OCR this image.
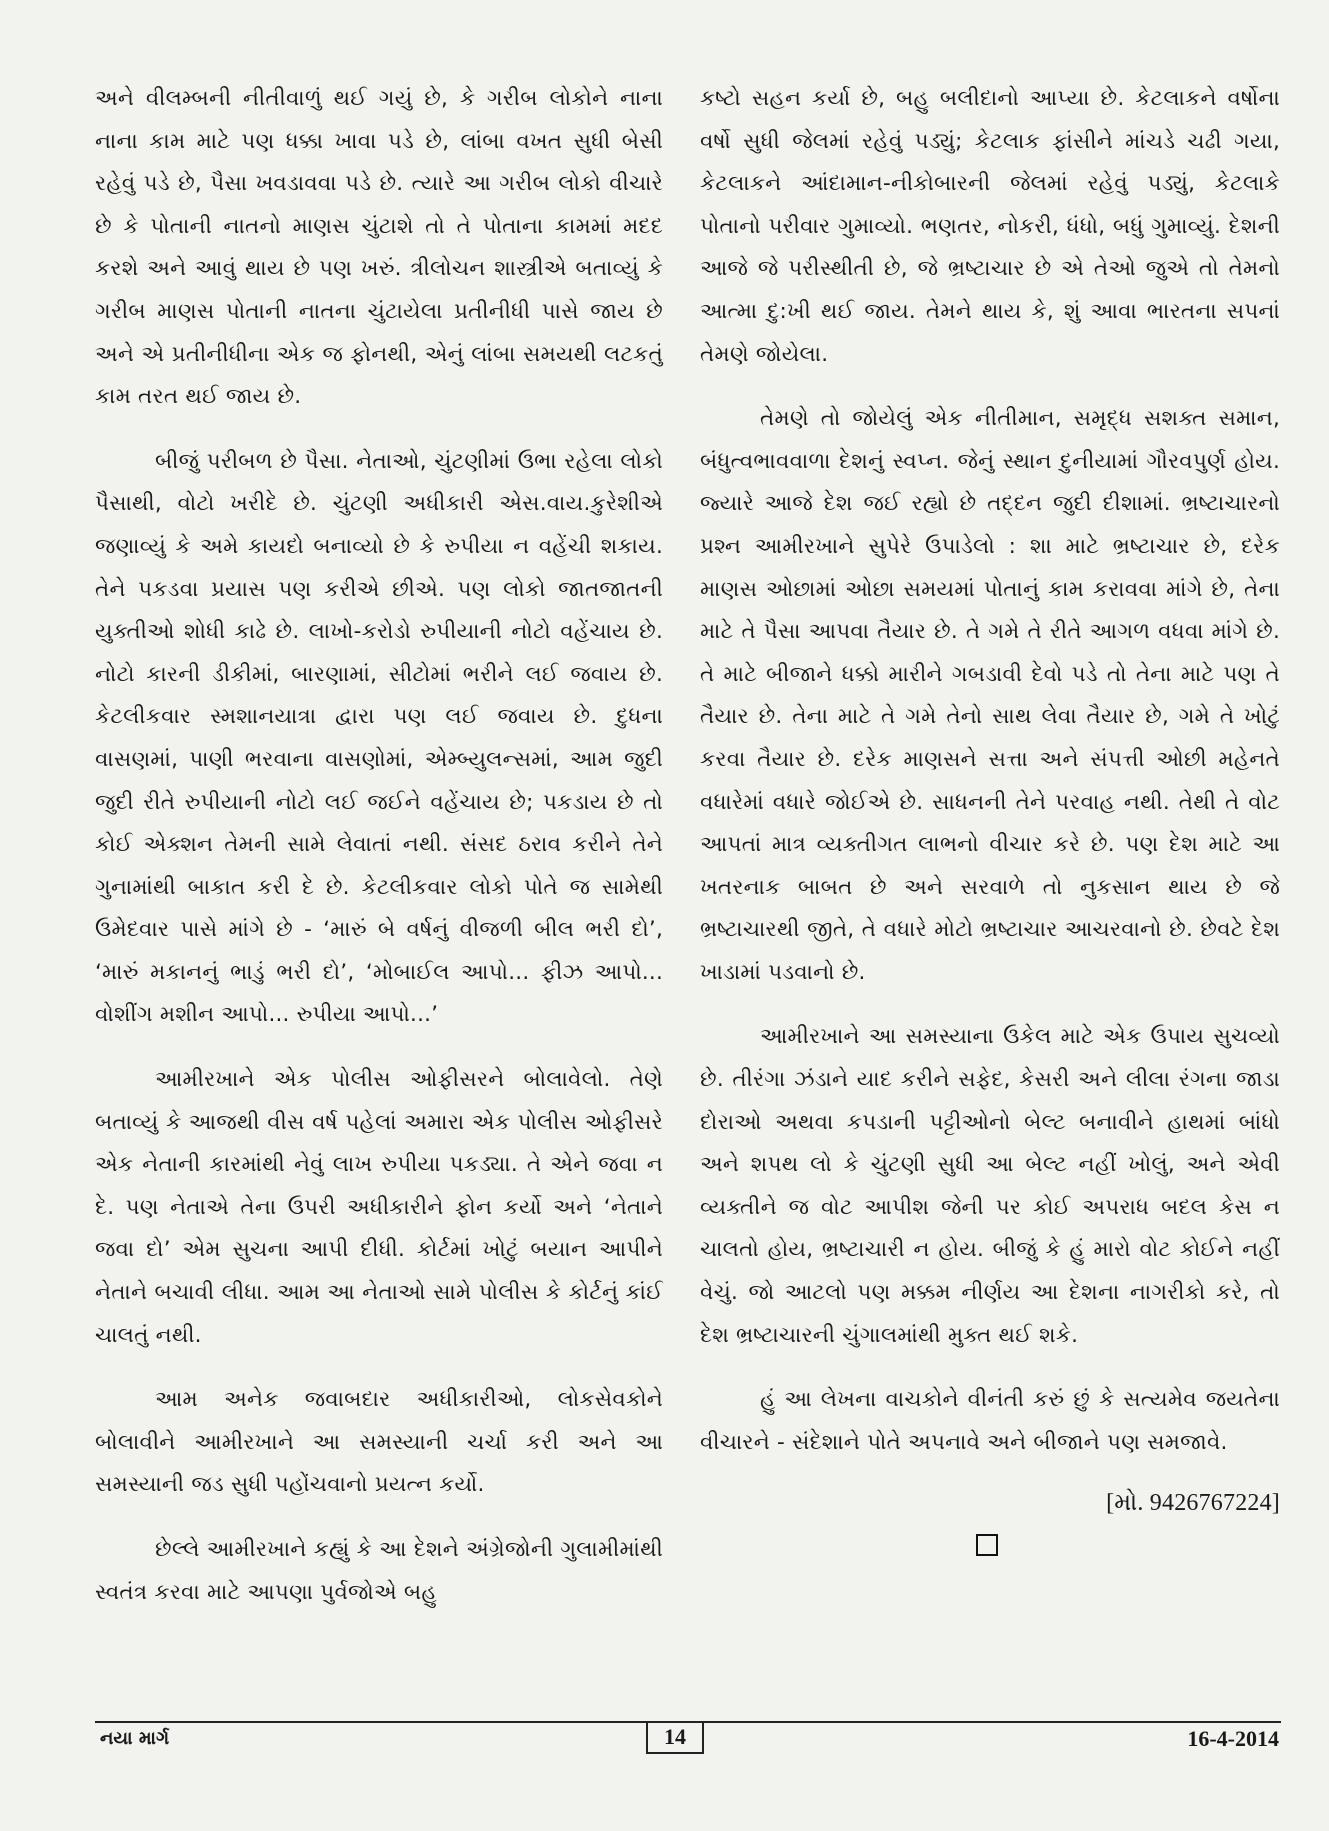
અને વીલમ્બની નીતીવાળું થઈ ગયું છે, કે ગરીબ લોકોને નાના નાના કામ માટે પણ ધક્કા ખાવા પડે છે, લાંબા વખત સુધી બેસી રહેવું પડે છે, પૈસા ખવડાવવા પડે છે. ત્યારે આ ગરીબ લોકો વીચારે છે કે પોતાની નાતનો માણસ ચુંટાશે તો તે પોતાના કામમાં મદદ કરશે અને આવું થાય છે પણ ખરું. ત્રીલોચન શાસ્ત્રીએ બતાવ્યું કે ગરીબ માણસ પોતાની નાતના ચુંટાયેલા પ્રતીનીધી પાસે જાય છે અને એ પ્રતીનીધીના એક જ ફોનથી, એનું લાંબા સમયથી લટકતું કામ તરત થઈ જાય છે.

બીજું પરીબળ છે પૈસા. નેતાઓ, ચુંટણીમાં ઉભા રહેલા લોકો પૈસાથી, વોટો ખરીદે છે. ચુંટણી અધીકારી એસ.વાય.કુરેશીએ જણાવ્યું કે અમે કાયદો બનાવ્યો છે કે રુપીયા ન વહેંચી શકાય. તેને પકડવા પ્રયાસ પણ કરીએ છીએ. પણ લોકો જાતજાતની યુક્તીઓ શોધી કાઢે છે. લાખો-કરોડો રુપીયાની નોટો વહેંચાય છે. નોટો કારની ડીકીમાં, બારણામાં, સીટોમાં ભરીને લઈ જવાય છે. કેટલીકવાર સ્મશાનયાત્રા દ્વારા પણ લઈ જવાય છે. દુધના વાસણમાં, પાણી ભરવાના વાસણોમાં, એમ્બ્યુલન્સમાં, આમ જુદી જુદી રીતે રુપીયાની નોટો લઈ જઈને વહેંચાય છે; પકડાય છે તો કોઈ એક્શન તેમની સામે લેવાતાં નથી. સંસદ ઠરાવ કરીને તેને ગુનામાંથી બાકાત કરી દે છે. કેટલીકવાર લોકો પોતે જ સામેથી ઉમેદવાર પાસે માંગે છે - ‘મારું બે વર્ષનું વીજળી બીલ ભરી દો’, ‘મારું મકાનનું ભાડું ભરી દો’, ‘મોબાઈલ આપો... ફીઝ આપો... વોશીંગ મશીન આપો... રુપીયા આપો...’

આમીરખાને એક પોલીસ ઓફીસરને બોલાવેલો. તેણે બતાવ્યું કે આજથી વીસ વર્ષ પહેલાં અમારા એક પોલીસ ઓફીસરે એક નેતાની કારમાંથી નેવું લાખ રુપીયા પકડ્યા. તે એને જવા ન દે. પણ નેતાએ તેના ઉપરી અધીકારીને ફોન કર્યો અને ‘નેતાને જવા દો’ એમ સુચના આપી દીધી. કોર્ટમાં ખોટું બયાન આપીને નેતાને બચાવી લીધા. આમ આ નેતાઓ સામે પોલીસ કે કોર્ટનું કાંઈ ચાલતું નથી.

આમ અનેક જવાબદાર અધીકારીઓ, લોકસેવકોને બોલાવીને આમીરખાને આ સમસ્યાની ચર્ચા કરી અને આ સમસ્યાની જડ સુધી પહોંચવાનો પ્રયત્ન કર્યો.

છેલ્લે આમીરખાને કહ્યું કે આ દેશને અંગ્રેજોની ગુલામીમાંથી સ્વતંત્ર કરવા માટે આપણા પુર્વજોએ બહુ

કષ્ટો સહન કર્યા છે, બહુ બલીદાનો આપ્યા છે. કેટલાકને વર્ષોના વર્ષો સુધી જેલમાં રહેવું પડ્યું; કેટલાક ફાંસીને માંચડે ચઢી ગયા, કેટલાકને આંદામાન-નીકોબારની જેલમાં રહેવું પડ્યું, કેટલાકે પોતાનો પરીવાર ગુમાવ્યો. ભણતર, નોકરી, ધંધો, બધું ગુમાવ્યું. દેશની આજે જે પરીસ્થીતી છે, જે ભ્રષ્ટાચાર છે એ તેઓ જુએ તો તેમનો આત્મા દુ:ખી થઈ જાય. તેમને થાય કે, શું આવા ભારતના સપનાં તેમણે જોયેલા.

તેમણે તો જોયેલું એક નીતીમાન, સમૃદ્ધ સશક્ત સમાન, બંધુત્વભાવવાળા દેશનું સ્વપ્ન. જેનું સ્થાન દુનીયામાં ગૌરવપુર્ણ હોય. જ્યારે આજે દેશ જઈ રહ્યો છે તદ્દન જુદી દીશામાં. ભ્રષ્ટાચારનો પ્રશ્ન આમીરખાને સુપેરે ઉપાડેલો : શા માટે ભ્રષ્ટાચાર છે, દરેક માણસ ઓછામાં ઓછા સમયમાં પોતાનું કામ કરાવવા માંગે છે, તેના માટે તે પૈસા આપવા તૈયાર છે. તે ગમે તે રીતે આગળ વધવા માંગે છે. તે માટે બીજાને ધક્કો મારીને ગબડાવી દેવો પડે તો તેના માટે પણ તે તૈયાર છે. તેના માટે તે ગમે તેનો સાથ લેવા તૈયાર છે, ગમે તે ખોટું કરવા તૈયાર છે. દરેક માણસને સત્તા અને સંપત્તી ઓછી મહેનતે વધારેમાં વધારે જોઈએ છે. સાધનની તેને પરવાહ નથી. તેથી તે વોટ આપતાં માત્ર વ્યક્તીગત લાભનો વીચાર કરે છે. પણ દેશ માટે આ ખતરનાક બાબત છે અને સરવાળે તો નુકસાન થાય છે જે ભ્રષ્ટાચારથી જીતે, તે વધારે મોટો ભ્રષ્ટાચાર આચરવાનો છે. છેવટે દેશ ખાડામાં પડવાનો છે.

આમીરખાને આ સમસ્યાના ઉકેલ માટે એક ઉપાય સુચવ્યો છે. તીરંગા ઝંડાને યાદ કરીને સફેદ, કેસરી અને લીલા રંગના જાડા દોરાઓ અથવા કપડાની પટ્ટીઓનો બેલ્ટ બનાવીને હાથમાં બાંધો અને શપથ લો કે ચુંટણી સુધી આ બેલ્ટ નહીં ખોલું, અને એવી વ્યક્તીને જ વોટ આપીશ જેની પર કોઈ અપરાધ બદલ કેસ ન ચાલતો હોય, ભ્રષ્ટાચારી ન હોય. બીજું કે હું મારો વોટ કોઈને નહીં વેચું. જો આટલો પણ મક્કમ નીર્ણય આ દેશના નાગરીકો કરે, તો દેશ ભ્રષ્ટાચારની ચુંગાલમાંથી મુક્ત થઈ શકે.

હું આ લેખના વાચકોને વીનંતી કરું છું કે સત્યમેવ જયતેના વીચારને - સંદેશાને પોતે અપનાવે અને બીજાને પણ સમજાવે.

[મો. 9426767224]
નયા માર્ગ	14	16-4-2014
